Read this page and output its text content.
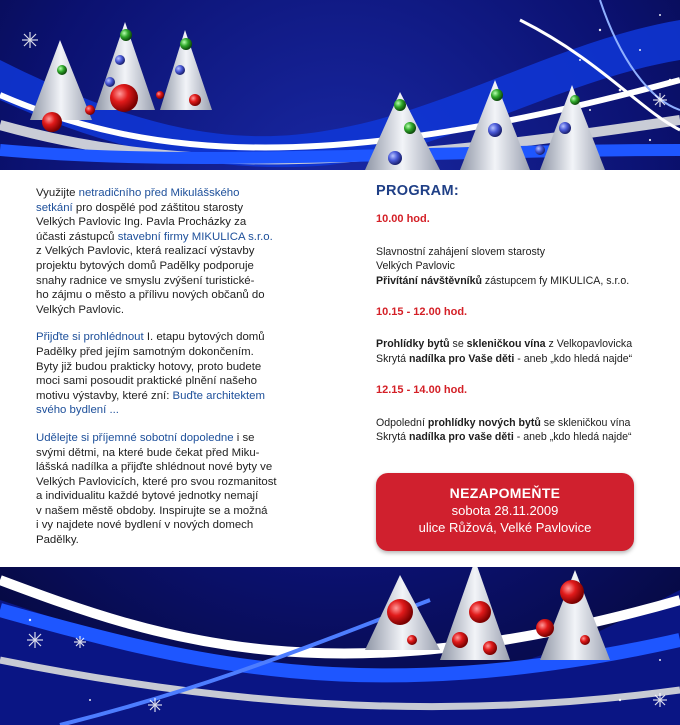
Využijte netradičního před Mikulášského
setkání pro dospělé pod záštitou starosty
Velkých Pavlovic Ing. Pavla Procházky za
účasti zástupců stavební firmy MIKULICA s.r.o.
z Velkých Pavlovic, která realizací výstavby
projektu bytových domů Padělky podporuje
snahy radnice ve smyslu zvýšení turistické-
ho zájmu o město a přílivu nových občanů do
Velkých Pavlovic.

Přijďte si prohlédnout I. etapu bytových domů
Padělky před jejím samotným dokončením.
Byty již budou prakticky hotovy, proto budete
moci sami posoudit praktické plnění našeho
motivu výstavby, které zní: Buďte architektem
svého bydlení ...

Udělejte si příjemné sobotní dopoledne i se
svými dětmi, na které bude čekat před Miku-
lášská nadílka a přijďte shlédnout nové byty ve
Velkých Pavlovicích, které pro svou rozmanitost
a individualitu každé bytové jednotky nemají
v našem městě obdoby. Inspirujte se a možná
i vy najdete nové bydlení v nových domech
Padělky.

PROGRAM:
10.00 hod.
Slavnostní zahájení slovem starosty
Velkých Pavlovic
Přivítání návštěvníků zástupcem fy MIKULICA, s.r.o.
10.15 - 12.00 hod.
Prohlídky bytů se skleničkou vína z Velkopavlovicka
Skrytá nadílka pro Vaše děti - aneb „kdo hledá najde“
12.15 - 14.00 hod.
Odpolední prohlídky nových bytů se skleničkou vína
Skrytá nadílka pro vaše děti - aneb „kdo hledá najde“
NEZAPOMEŇTE
sobota 28.11.2009
ulice Růžová, Velké Pavlovice
